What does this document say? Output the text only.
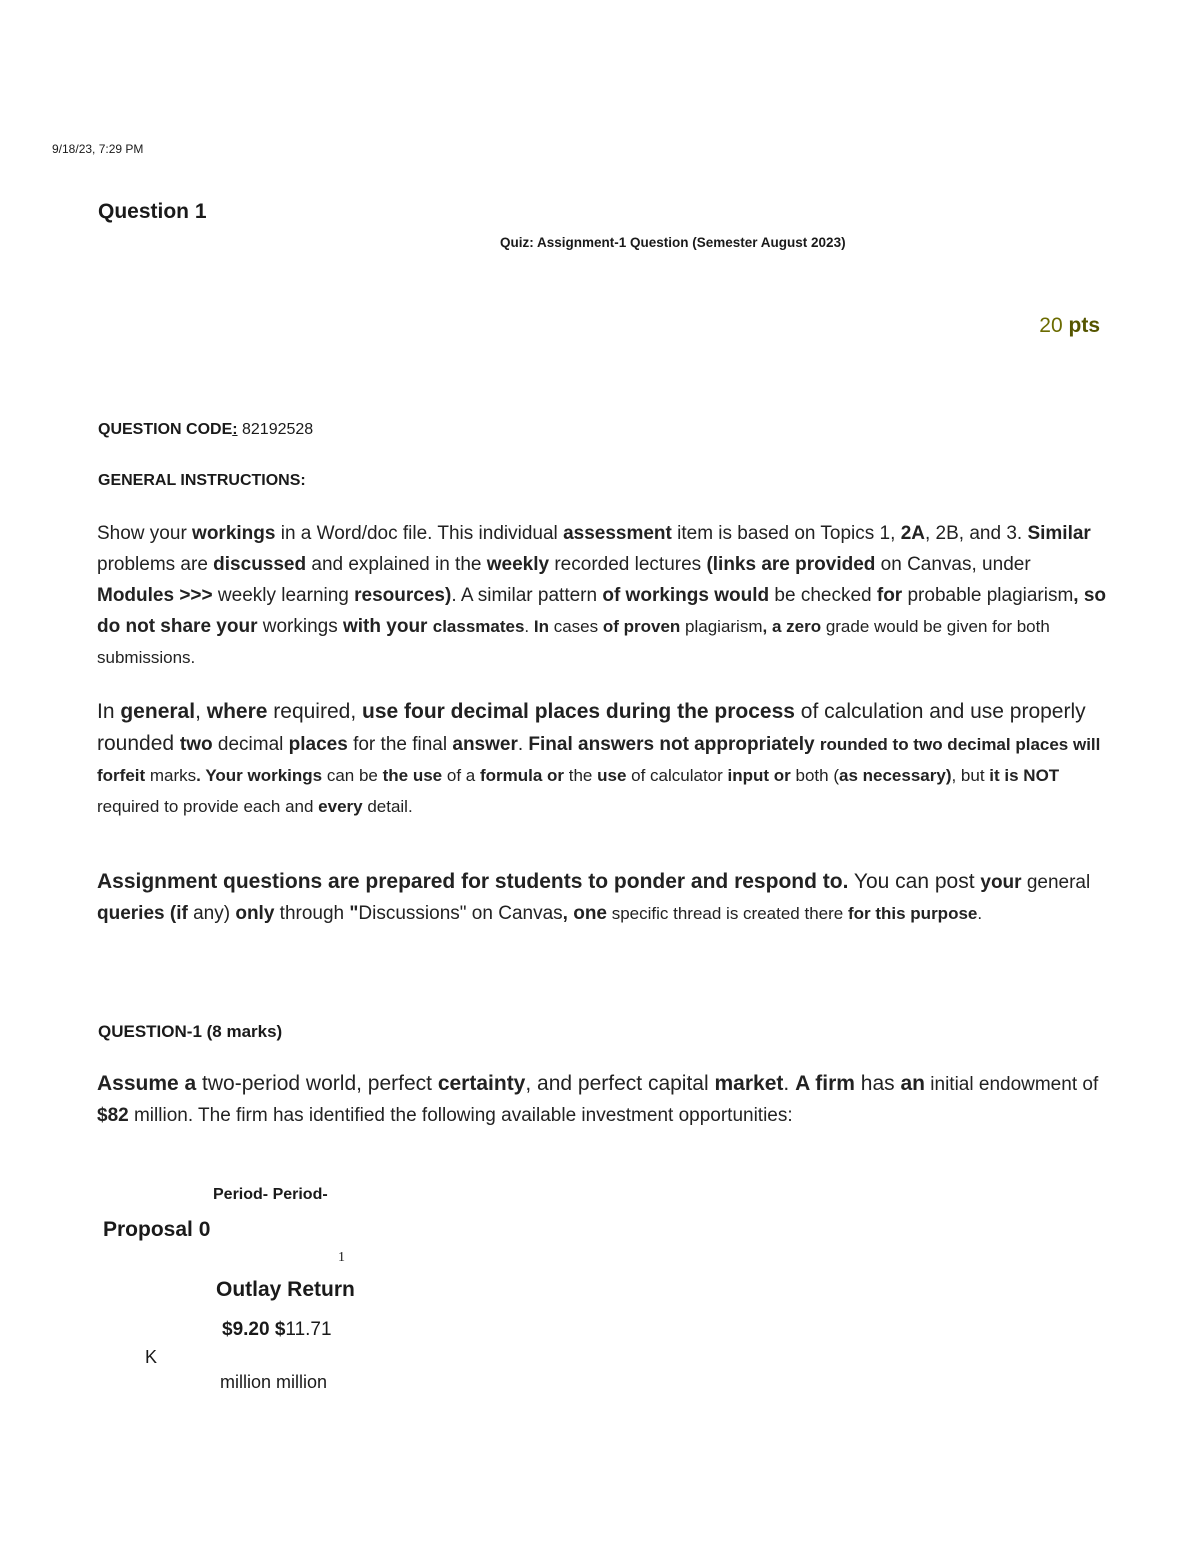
9/18/23, 7:29 PM
Question 1
Quiz: Assignment-1 Question (Semester August 2023)
20 pts
QUESTION CODE: 82192528
GENERAL INSTRUCTIONS:
Show your workings in a Word/doc file. This individual assessment item is based on Topics 1, 2A, 2B, and 3. Similar problems are discussed and explained in the weekly recorded lectures (links are provided on Canvas, under Modules >>> weekly learning resources). A similar pattern of workings would be checked for probable plagiarism, so do not share your workings with your classmates. In cases of proven plagiarism, a zero grade would be given for both submissions.
In general, where required, use four decimal places during the process of calculation and use properly rounded two decimal places for the final answer. Final answers not appropriately rounded to two decimal places will forfeit marks. Your workings can be the use of a formula or the use of calculator input or both (as necessary), but it is NOT required to provide each and every detail.
Assignment questions are prepared for students to ponder and respond to. You can post your general queries (if any) only through "Discussions" on Canvas, one specific thread is created there for this purpose.
QUESTION-1 (8 marks)
Assume a two-period world, perfect certainty, and perfect capital market. A firm has an initial endowment of $82 million. The firm has identified the following available investment opportunities:
Period- Period-
Proposal 0
1
Outlay Return
$9.20 $11.71
K
million million
